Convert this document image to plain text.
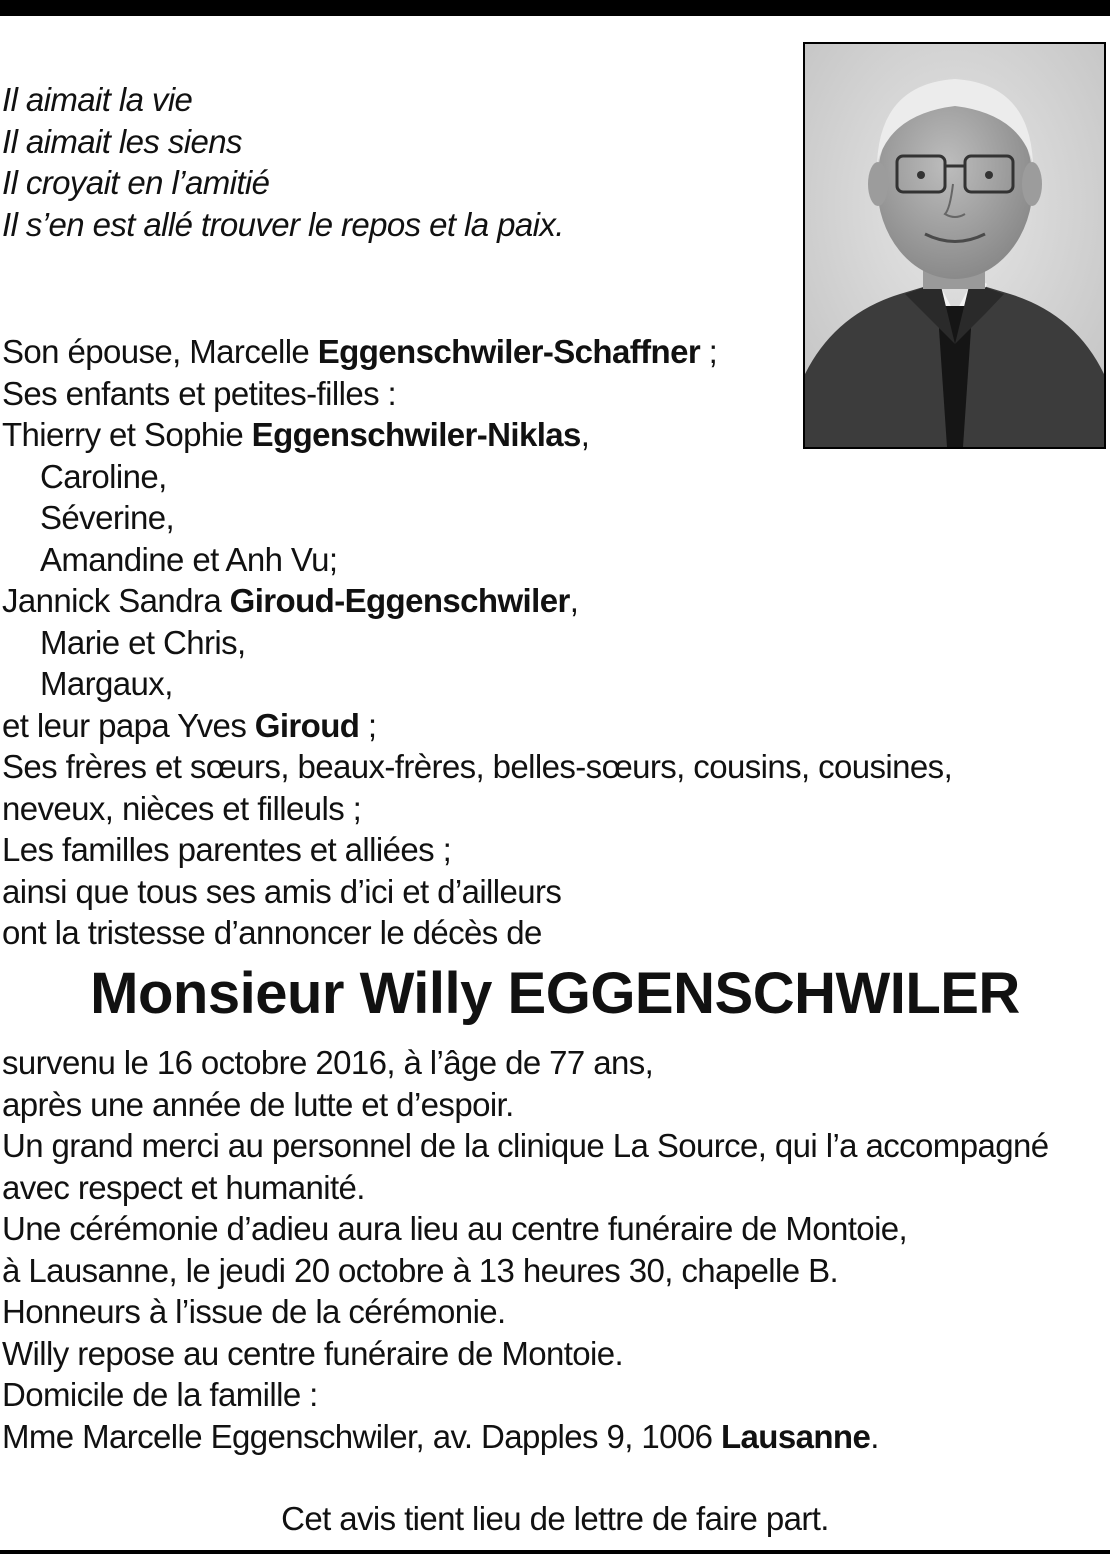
Il aimait la vie
Il aimait les siens
Il croyait en l’amitié
Il s’en est allé trouver le repos et la paix.
Son épouse, Marcelle Eggenschwiler-Schaffner ;
Ses enfants et petites-filles :
Thierry et Sophie Eggenschwiler-Niklas,
Caroline,
Séverine,
Amandine et Anh Vu;
Jannick Sandra Giroud-Eggenschwiler,
Marie et Chris,
Margaux,
et leur papa Yves Giroud ;
Ses frères et sœurs, beaux-frères, belles-sœurs, cousins, cousines,
neveux, nièces et filleuls ;
Les familles parentes et alliées ;
ainsi que tous ses amis d’ici et d’ailleurs
ont la tristesse d’annoncer le décès de
Monsieur Willy EGGENSCHWILER
survenu le 16 octobre 2016, à l’âge de 77 ans,
après une année de lutte et d’espoir.
Un grand merci au personnel de la clinique La Source, qui l’a accompagné
avec respect et humanité.
Une cérémonie d’adieu aura lieu au centre funéraire de Montoie,
à Lausanne, le jeudi 20 octobre à 13 heures 30, chapelle B.
Honneurs à l’issue de la cérémonie.
Willy repose au centre funéraire de Montoie.
Domicile de la famille :
Mme Marcelle Eggenschwiler, av. Dapples 9, 1006 Lausanne.
Cet avis tient lieu de lettre de faire part.
